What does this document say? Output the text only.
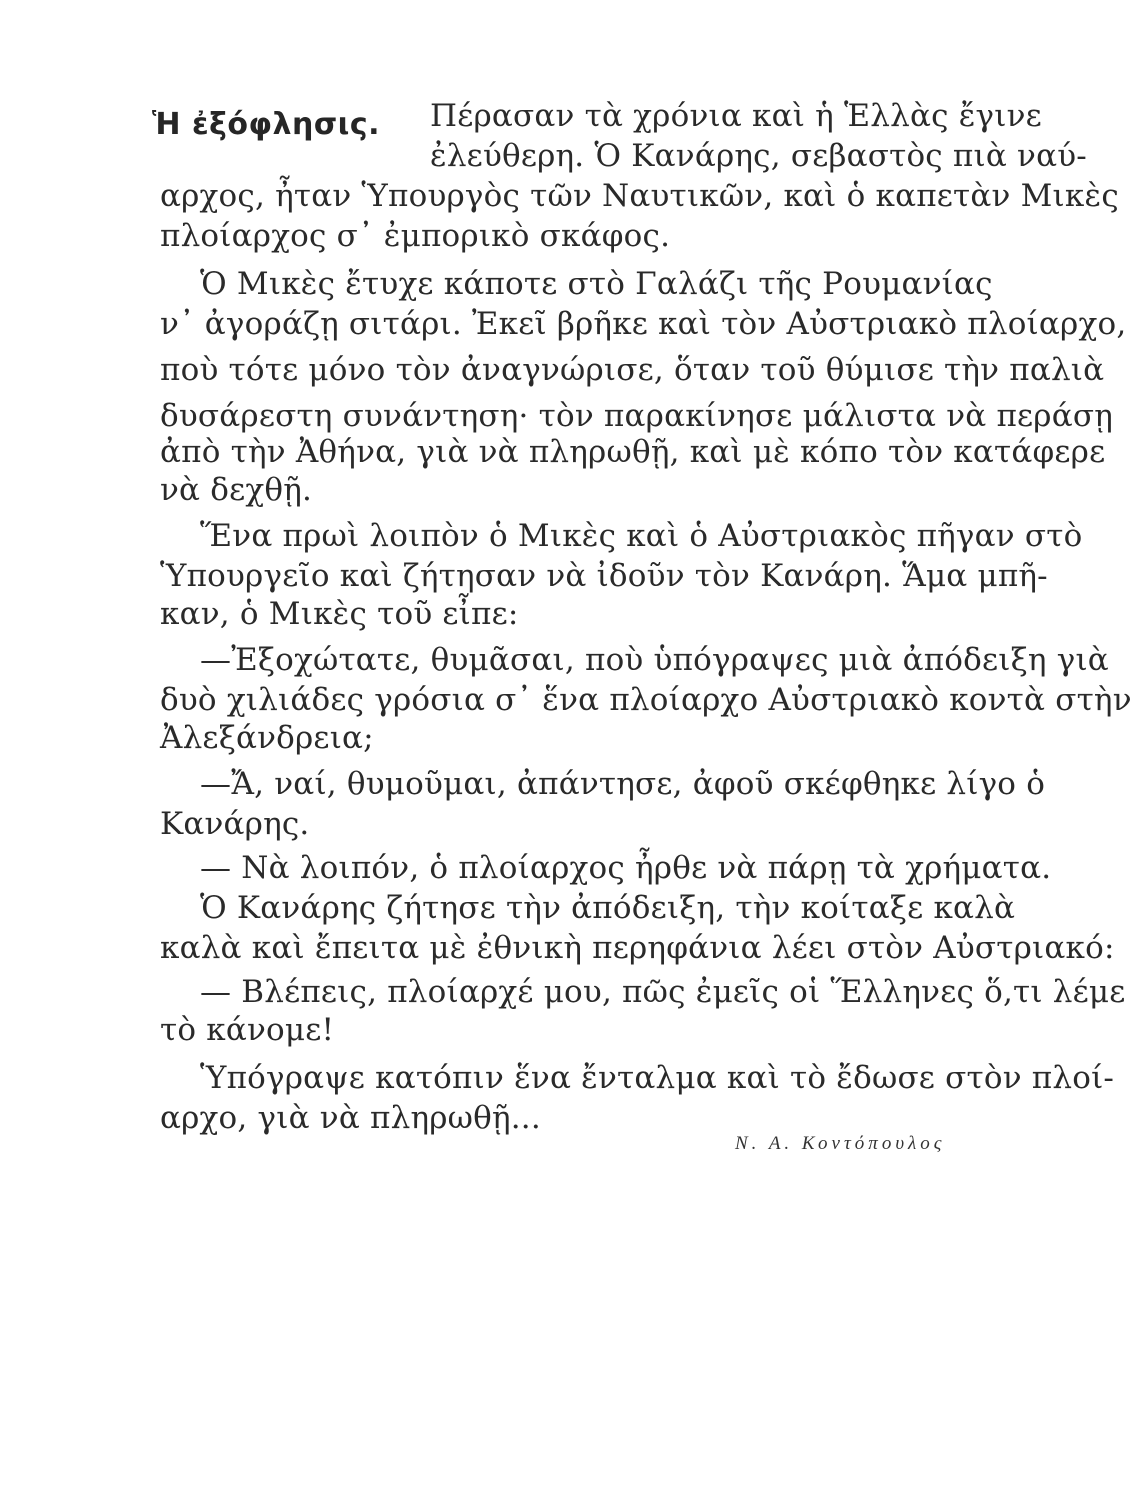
Ἡ ἐξόφλησις. Πέρασαν τὰ χρόνια καὶ ἡ Ἑλλὰς ἔγινε
ἐλεύθερη. Ὁ Κανάρης, σεβαστὸς πιὰ ναύ-
αρχος, ἦταν Ὑπουργὸς τῶν Ναυτικῶν, καὶ ὁ καπετὰν Μικὲς
πλοίαρχος σ᾽ ἐμπορικὸ σκάφος.
Ὁ Μικὲς ἔτυχε κάποτε στὸ Γαλάζι τῆς Ρουμανίας
ν᾽ ἀγοράζῃ σιτάρι. Ἐκεῖ βρῆκε καὶ τὸν Αὐστριακὸ πλοίαρχο,
ποὺ τότε μόνο τὸν ἀναγνώρισε, ὅταν τοῦ θύμισε τὴν παλιὰ
δυσάρεστη συνάντηση· τὸν παρακίνησε μάλιστα νὰ περάσῃ
ἀπὸ τὴν Ἀθήνα, γιὰ νὰ πληρωθῇ, καὶ μὲ κόπο τὸν κατάφερε
νὰ δεχθῇ.
Ἕνα πρωὶ λοιπὸν ὁ Μικὲς καὶ ὁ Αὐστριακὸς πῆγαν στὸ
Ὑπουργεῖο καὶ ζήτησαν νὰ ἰδοῦν τὸν Κανάρη. Ἅμα μπῆ-
καν, ὁ Μικὲς τοῦ εἶπε:
—Ἐξοχώτατε, θυμᾶσαι, ποὺ ὑπόγραψες μιὰ ἀπόδειξη γιὰ
δυὸ χιλιάδες γρόσια σ᾽ ἕνα πλοίαρχο Αὐστριακὸ κοντὰ στὴν
Ἀλεξάνδρεια;
—Ἄ, ναί, θυμοῦμαι, ἀπάντησε, ἀφοῦ σκέφθηκε λίγο ὁ
Κανάρης.
— Νὰ λοιπόν, ὁ πλοίαρχος ἦρθε νὰ πάρῃ τὰ χρήματα.
Ὁ Κανάρης ζήτησε τὴν ἀπόδειξη, τὴν κοίταξε καλὰ
καλὰ καὶ ἔπειτα μὲ ἐθνικὴ περηφάνια λέει στὸν Αὐστριακό:
— Βλέπεις, πλοίαρχέ μου, πῶς ἐμεῖς οἱ Ἕλληνες ὅ,τι λέμε
τὸ κάνομε!
Ὑπόγραψε κατόπιν ἕνα ἔνταλμα καὶ τὸ ἔδωσε στὸν πλοί-
αρχο, γιὰ νὰ πληρωθῇ...
Ν. Α. Κοντόπουλος
